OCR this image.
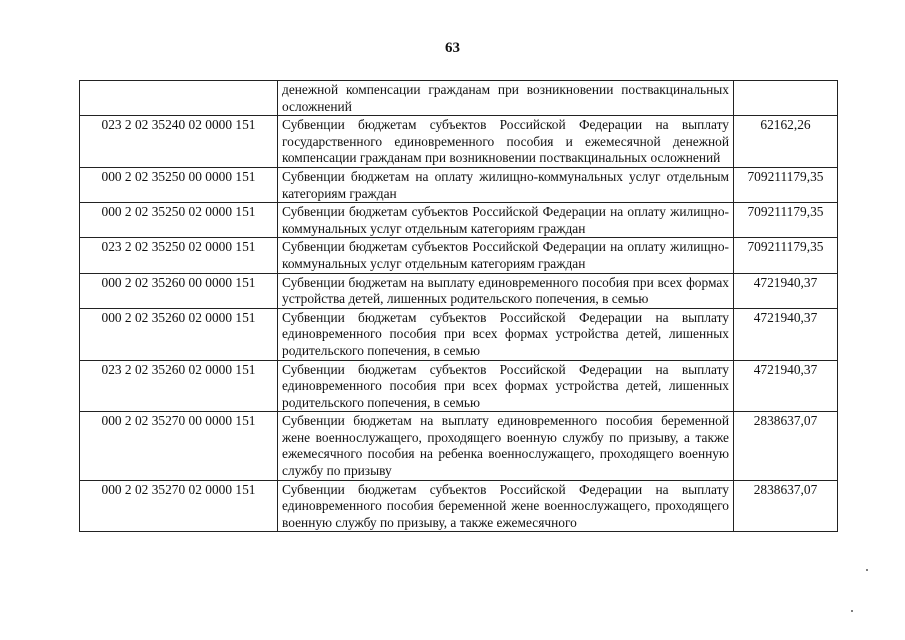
63
	денежной компенсации гражданам при возникновении поствакцинальных осложнений	
023 2 02 35240 02 0000 151	Субвенции бюджетам субъектов Российской Федерации на выплату государственного единовременного пособия и ежемесячной денежной компенсации гражданам при возникновении поствакцинальных осложнений	62162,26
000 2 02 35250 00 0000 151	Субвенции бюджетам на оплату жилищно-коммунальных услуг отдельным категориям граждан	709211179,35
000 2 02 35250 02 0000 151	Субвенции бюджетам субъектов Российской Федерации на оплату жилищно-коммунальных услуг отдельным категориям граждан	709211179,35
023 2 02 35250 02 0000 151	Субвенции бюджетам субъектов Российской Федерации на оплату жилищно-коммунальных услуг отдельным категориям граждан	709211179,35
000 2 02 35260 00 0000 151	Субвенции бюджетам на выплату единовременного пособия при всех формах устройства детей, лишенных родительского попечения, в семью	4721940,37
000 2 02 35260 02 0000 151	Субвенции бюджетам субъектов Российской Федерации на выплату единовременного пособия при всех формах устройства детей, лишенных родительского попечения, в семью	4721940,37
023 2 02 35260 02 0000 151	Субвенции бюджетам субъектов Российской Федерации на выплату единовременного пособия при всех формах устройства детей, лишенных родительского попечения, в семью	4721940,37
000 2 02 35270 00 0000 151	Субвенции бюджетам на выплату единовременного пособия беременной жене военнослужащего, проходящего военную службу по призыву, а также ежемесячного пособия на ребенка военнослужащего, проходящего военную службу по призыву	2838637,07
000 2 02 35270 02 0000 151	Субвенции бюджетам субъектов Российской Федерации на выплату единовременного пособия беременной жене военнослужащего, проходящего военную службу по призыву, а также ежемесячного	2838637,07
